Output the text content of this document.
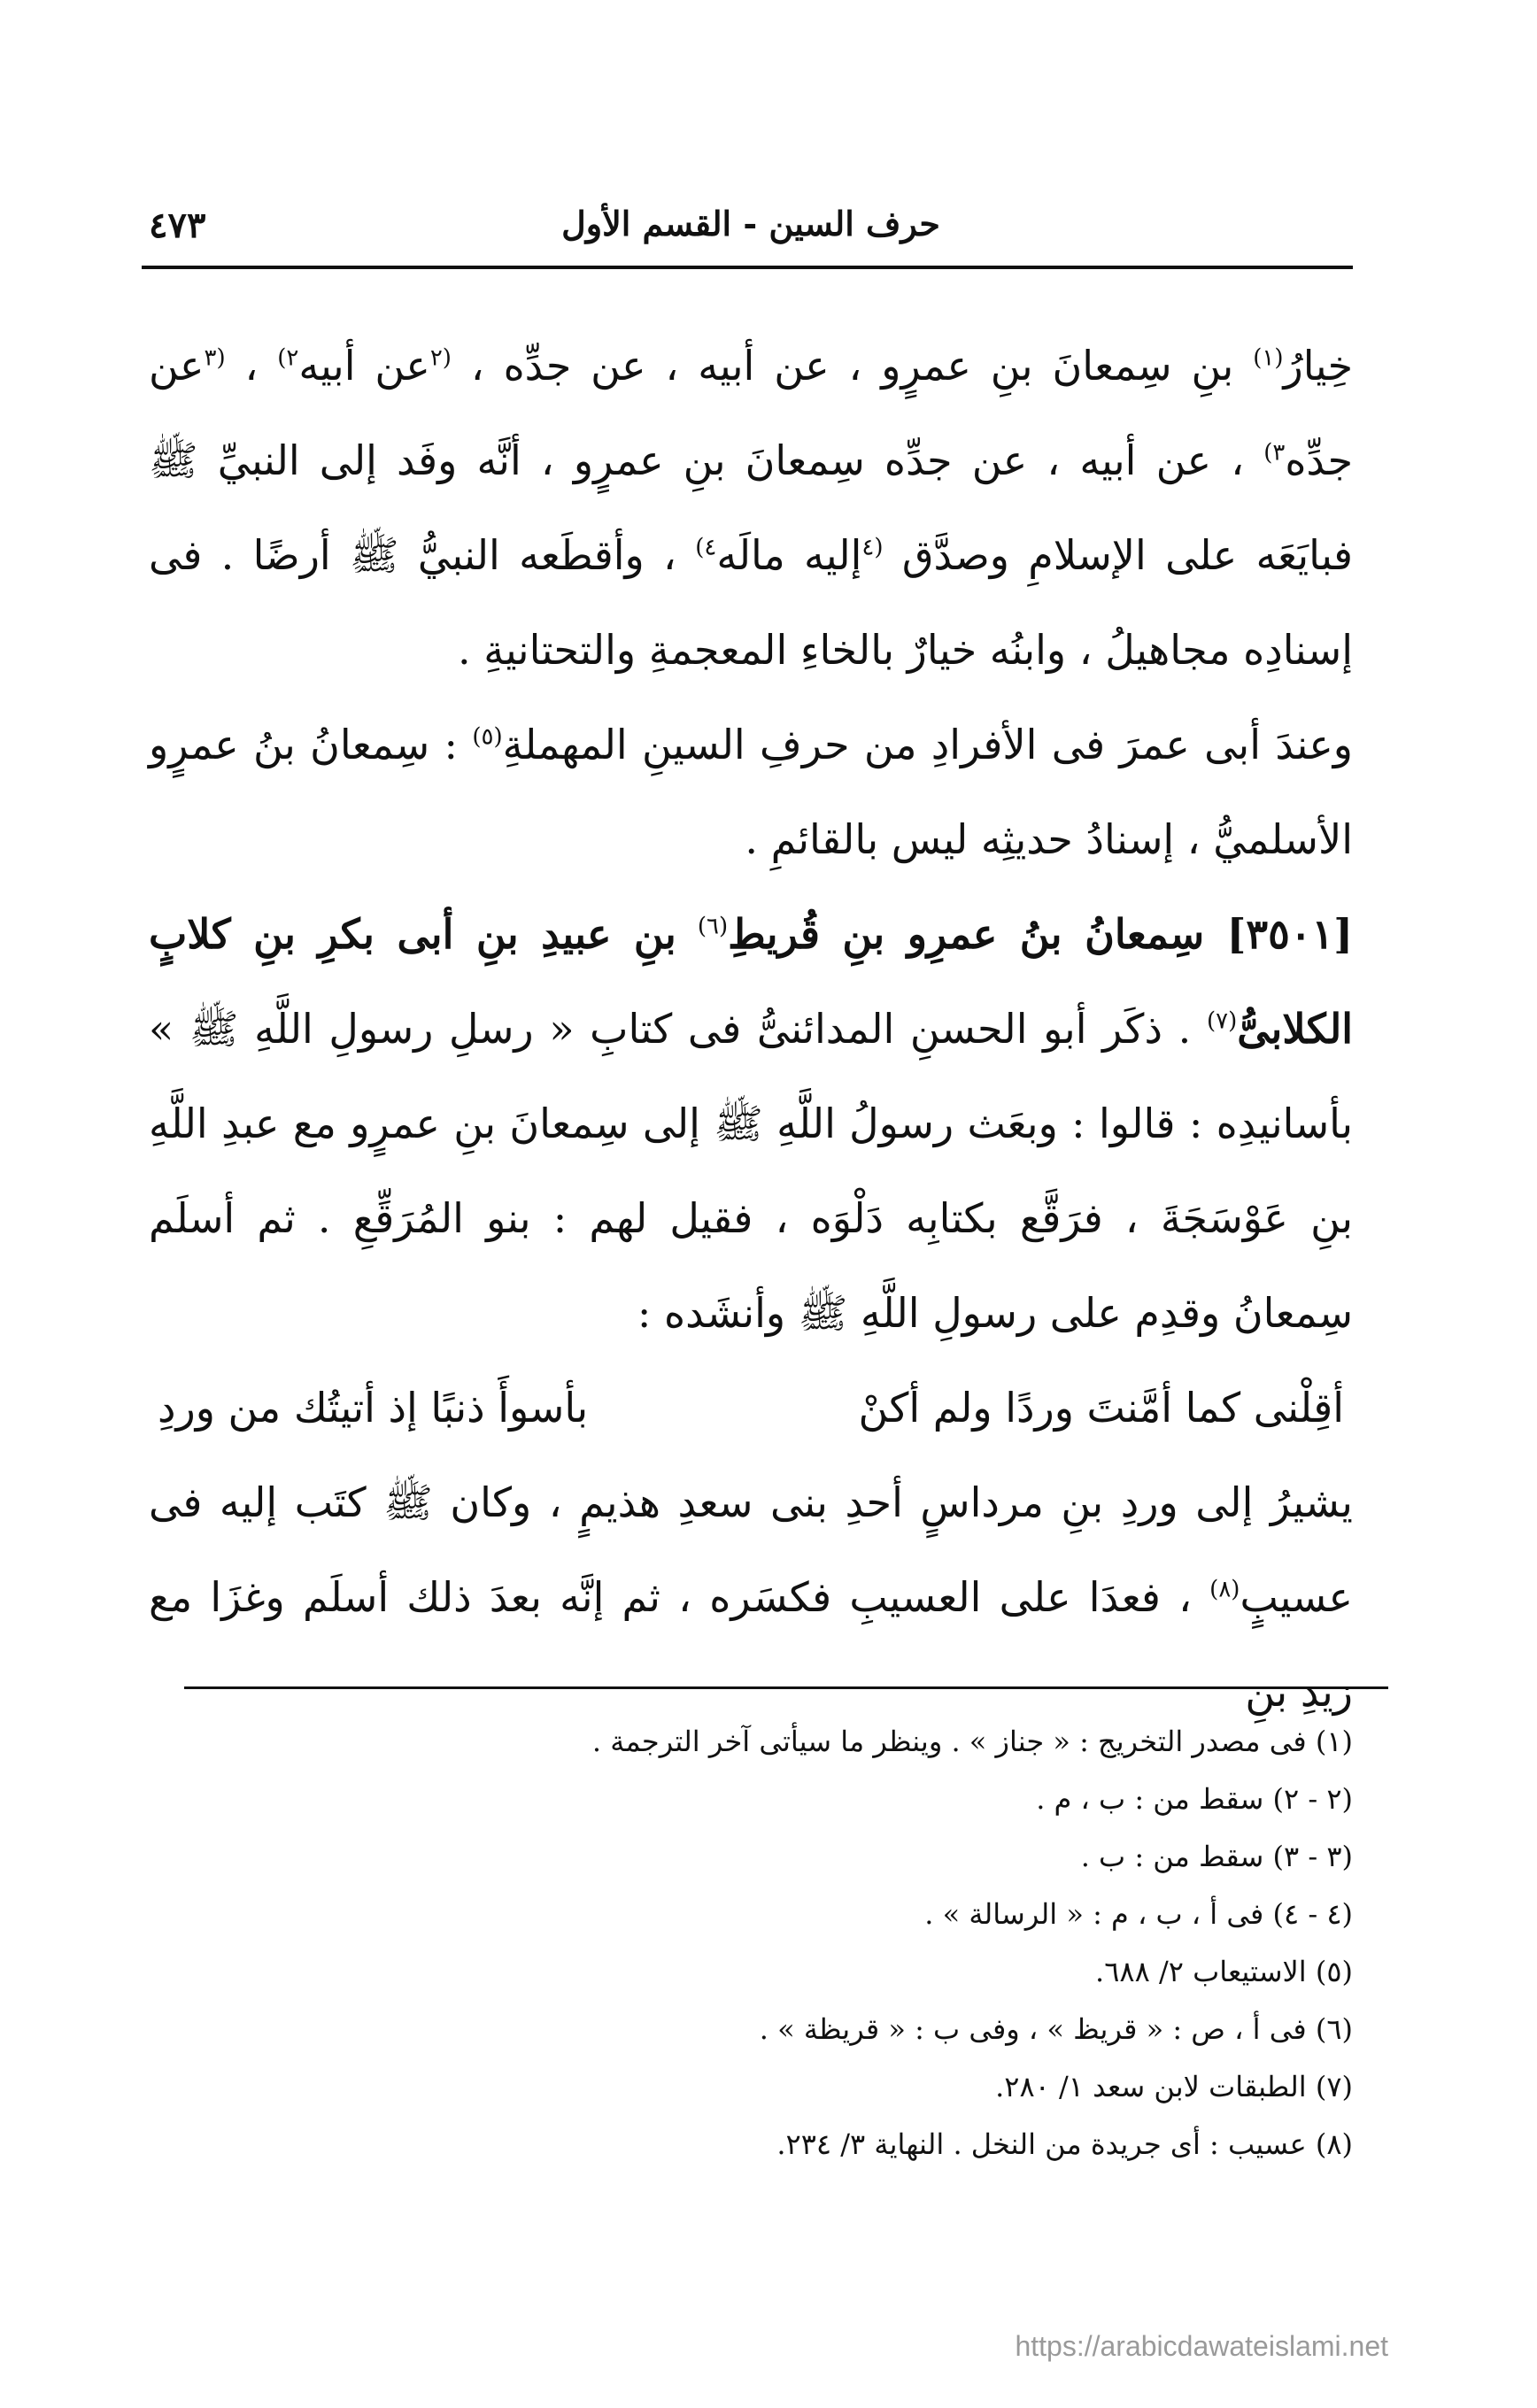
حرف السين - القسم الأول
٤٧٣

خِيارُ$^{(١)}$ بنِ سِمعانَ بنِ عمرٍو ، عن أبيه ، عن جدِّه ، $^{(٢}$عن أبيه$^{٢)}$ ، $^{(٣}$عن جدِّه$^{٣)}$ ، عن أبيه ، عن جدِّه سِمعانَ بنِ عمرٍو ، أنَّه وفَد إلى النبيِّ ﷺ فبايَعَه على الإسلامِ وصدَّق $^{(٤}$إليه مالَه$^{٤)}$ ، وأقطَعه النبيُّ ﷺ أرضًا . فى إسنادِه مجاهيلُ ، وابنُه خيارٌ بالخاءِ المعجمةِ والتحتانيةِ .

وعندَ أبى عمرَ فى الأفرادِ من حرفِ السينِ المهملةِ$^{(٥)}$ : سِمعانُ بنُ عمرٍو الأسلميُّ ، إسنادُ حديثِه ليس بالقائمِ .

[٣٥٠١] سِمعانُ بنُ عمرِو بنِ قُريطِ$^{(٦)}$ بنِ عبيدِ بنِ أبى بكرِ بنِ كلابٍ الكلابىُّ$^{(٧)}$ . ذكَر أبو الحسنِ المدائنىُّ فى كتابِ « رسلِ رسولِ اللَّهِ ﷺ » بأسانيدِه : قالوا : وبعَث رسولُ اللَّهِ ﷺ إلى سِمعانَ بنِ عمرٍو مع عبدِ اللَّهِ بنِ عَوْسَجَةَ ، فرَقَّع بكتابِه دَلْوَه ، فقيل لهم : بنو المُرَقِّعِ . ثم أسلَم سِمعانُ وقدِم على رسولِ اللَّهِ ﷺ وأنشَده :

أقِلْنى كما أمَّنتَ وردًا ولم أكنْ
بأسوأَ ذنبًا إذ أتيتُك من وردِ

يشيرُ إلى وردِ بنِ مرداسٍ أحدِ بنى سعدِ هذيمٍ ، وكان ﷺ كتَب إليه فى عسيبٍ$^{(٨)}$ ، فعدَا على العسيبِ فكسَره ، ثم إنَّه بعدَ ذلك أسلَم وغزَا مع زيدِ بنِ

(١) فى مصدر التخريج : « جناز » . وينظر ما سيأتى آخر الترجمة .
(٢ - ٢) سقط من : ب ، م .
(٣ - ٣) سقط من : ب .
(٤ - ٤) فى أ ، ب ، م : « الرسالة » .
(٥) الاستيعاب ٢/ ٦٨٨.
(٦) فى أ ، ص : « قريظ » ، وفى ب : « قريظة » .
(٧) الطبقات لابن سعد ١/ ٢٨٠.
(٨) عسيب : أى جريدة من النخل . النهاية ٣/ ٢٣٤.
https://arabicdawateislami.net
